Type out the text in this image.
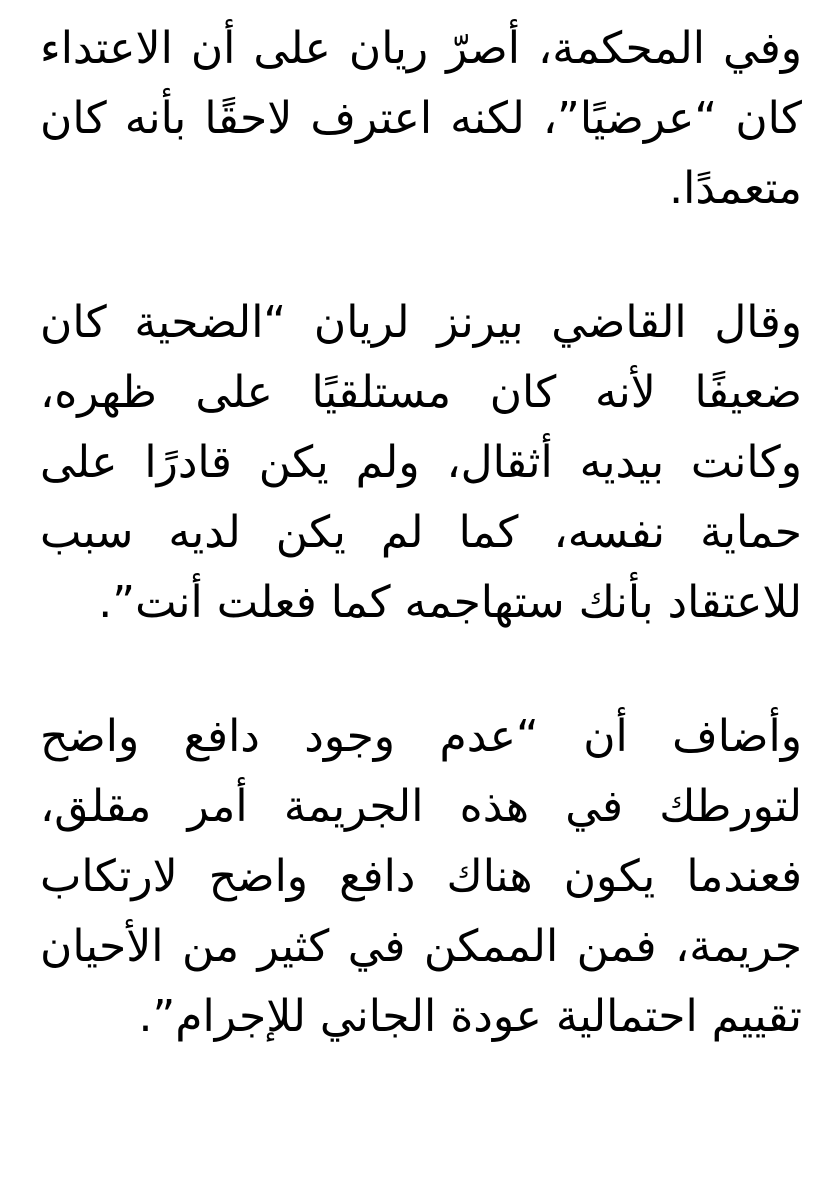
وفي المحكمة، أصرّ ريان على أن الاعتداء كان “عرضيًا”، لكنه اعترف لاحقًا بأنه كان متعمدًا.

وقال القاضي بيرنز لريان “الضحية كان ضعيفًا لأنه كان مستلقيًا على ظهره، وكانت بيديه أثقال، ولم يكن قادرًا على حماية نفسه، كما لم يكن لديه سبب للاعتقاد بأنك ستهاجمه كما فعلت أنت”.

وأضاف أن “عدم وجود دافع واضح لتورطك في هذه الجريمة أمر مقلق، فعندما يكون هناك دافع واضح لارتكاب جريمة، فمن الممكن في كثير من الأحيان تقييم احتمالية عودة الجاني للإجرام”.
